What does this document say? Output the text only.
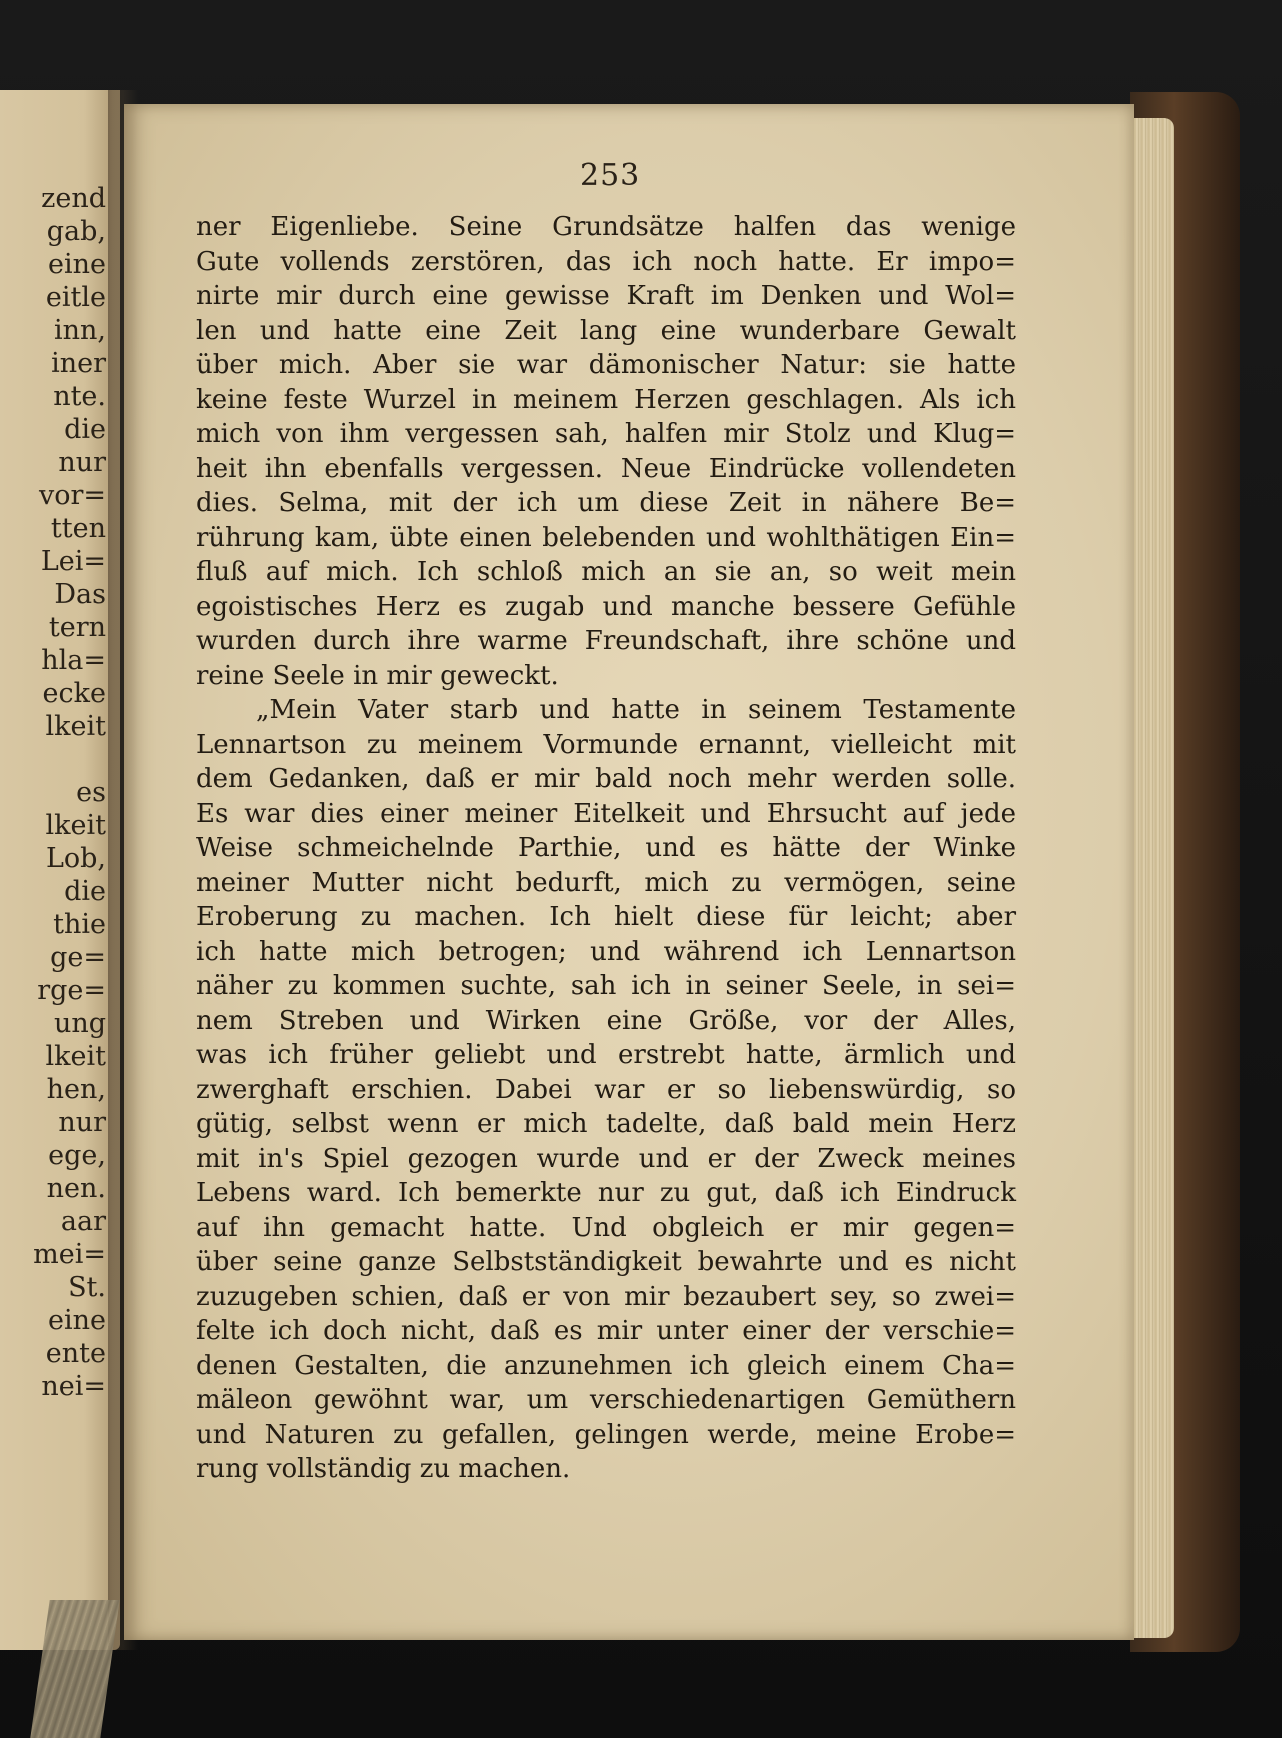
zend
gab,
eine
eitle
inn,
iner
nte.
die
nur
vor=
tten
Lei=
Das
tern
hla=
ecke
lkeit
es
lkeit
Lob,
die
thie
ge=
rge=
ung
lkeit
hen,
nur
ege,
nen.
aar
mei=
St.
eine
ente
nei=
253
ner Eigenliebe. Seine Grundsätze halfen das wenige
Gute vollends zerstören, das ich noch hatte. Er impo=
nirte mir durch eine gewisse Kraft im Denken und Wol=
len und hatte eine Zeit lang eine wunderbare Gewalt
über mich. Aber sie war dämonischer Natur: sie hatte
keine feste Wurzel in meinem Herzen geschlagen. Als ich
mich von ihm vergessen sah, halfen mir Stolz und Klug=
heit ihn ebenfalls vergessen. Neue Eindrücke vollendeten
dies. Selma, mit der ich um diese Zeit in nähere Be=
rührung kam, übte einen belebenden und wohlthätigen Ein=
fluß auf mich. Ich schloß mich an sie an, so weit mein
egoistisches Herz es zugab und manche bessere Gefühle
wurden durch ihre warme Freundschaft, ihre schöne und
reine Seele in mir geweckt.
„Mein Vater starb und hatte in seinem Testamente
Lennartson zu meinem Vormunde ernannt, vielleicht mit
dem Gedanken, daß er mir bald noch mehr werden solle.
Es war dies einer meiner Eitelkeit und Ehrsucht auf jede
Weise schmeichelnde Parthie, und es hätte der Winke
meiner Mutter nicht bedurft, mich zu vermögen, seine
Eroberung zu machen. Ich hielt diese für leicht; aber
ich hatte mich betrogen; und während ich Lennartson
näher zu kommen suchte, sah ich in seiner Seele, in sei=
nem Streben und Wirken eine Größe, vor der Alles,
was ich früher geliebt und erstrebt hatte, ärmlich und
zwerghaft erschien. Dabei war er so liebenswürdig, so
gütig, selbst wenn er mich tadelte, daß bald mein Herz
mit in's Spiel gezogen wurde und er der Zweck meines
Lebens ward. Ich bemerkte nur zu gut, daß ich Eindruck
auf ihn gemacht hatte. Und obgleich er mir gegen=
über seine ganze Selbstständigkeit bewahrte und es nicht
zuzugeben schien, daß er von mir bezaubert sey, so zwei=
felte ich doch nicht, daß es mir unter einer der verschie=
denen Gestalten, die anzunehmen ich gleich einem Cha=
mäleon gewöhnt war, um verschiedenartigen Gemüthern
und Naturen zu gefallen, gelingen werde, meine Erobe=
rung vollständig zu machen.
